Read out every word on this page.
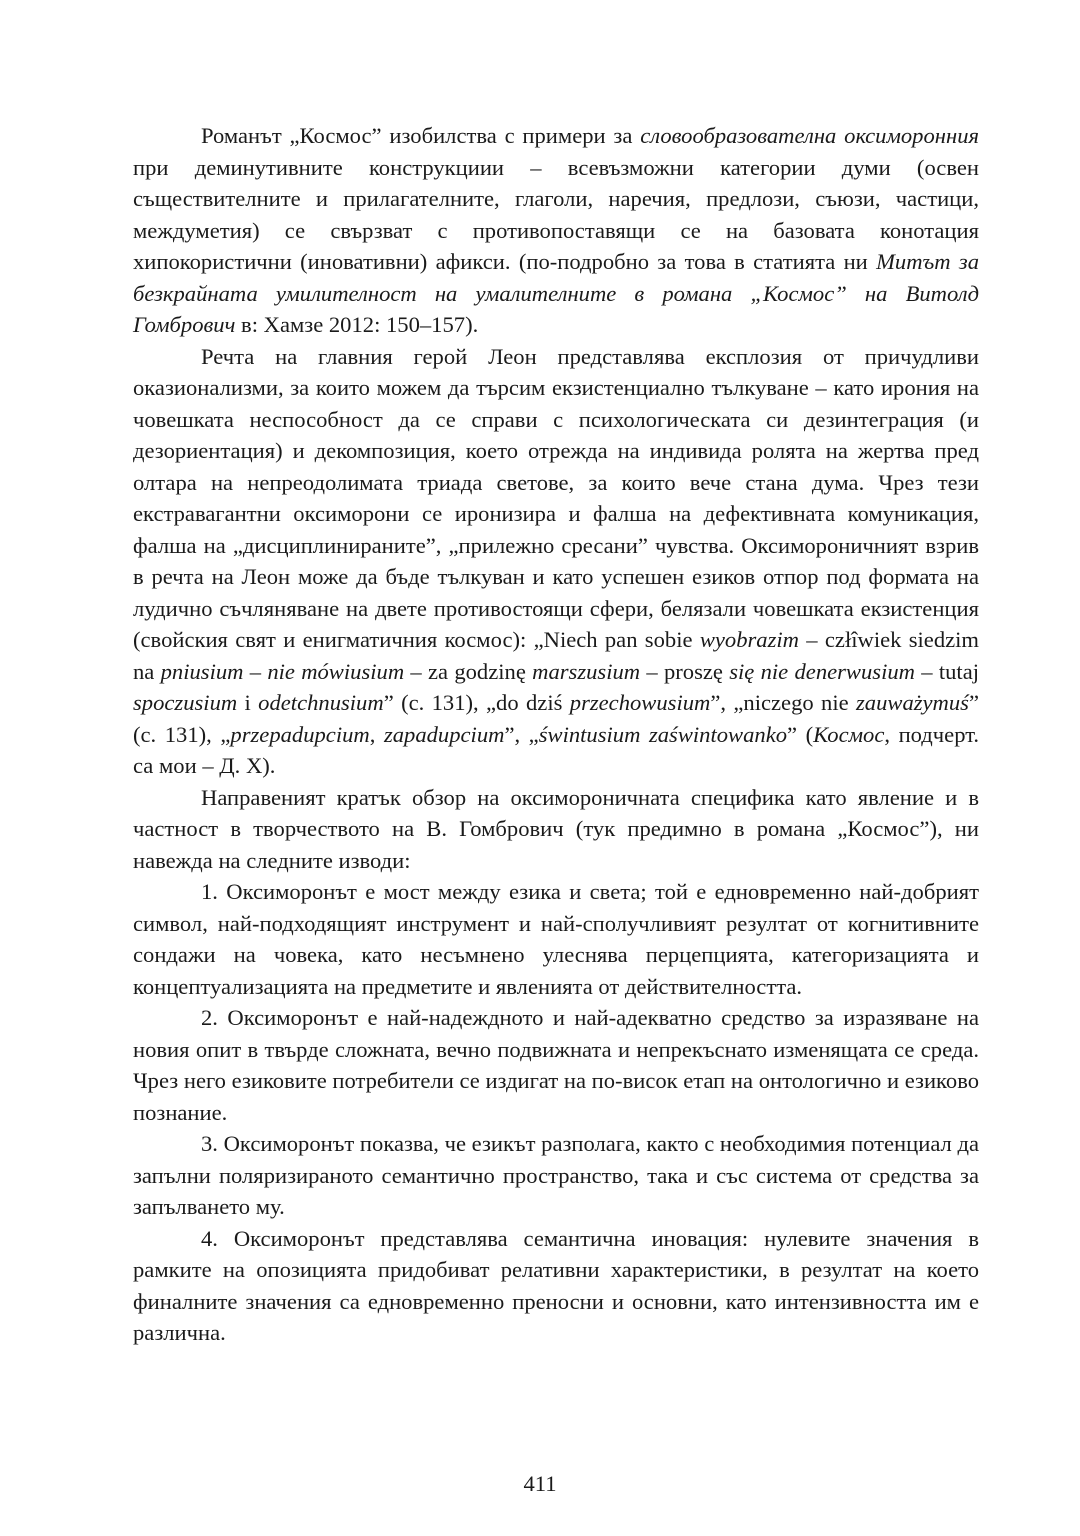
Романът „Космос” изобилства с примери за словообразователна оксиморонния при деминутивните конструкциии – всевъзможни категории думи (освен съществителните и прилагателните, глаголи, наречия, предлози, съюзи, частици, междуметия) се свързват с противопоставящи се на базовата конотация хипокористични (иновативни) афикси. (по-подробно за това в статията ни Митът за безкрайната умилителност на умалителните в романа „Космос” на Витолд Гомбрович в: Хамзе 2012: 150–157).

Речта на главния герой Леон представлява експлозия от причудливи оказионализми, за които можем да търсим екзистенциално тълкуване – като ирония на човешката неспособност да се справи с психологическата си дезинтеграция (и дезориентация) и декомпозиция, което отрежда на индивида ролята на жертва пред олтара на непреодолимата триада светове, за които вече стана дума. Чрез тези екстравагантни оксиморони се иронизира и фалша на дефективната комуникация, фалша на „дисциплинираните”, „прилежно сресани” чувства. Оксимороничният взрив в речта на Леон може да бъде тълкуван и като успешен езиков отпор под формата на лудично съчляняване на двете противостоящи сфери, белязали човешката екзистенция (свойския свят и енигматичния космос): „Niech pan sobie wyobrazim – człîwiek siedzim na pniusium – nie mówiusium – za godzinę marszusium – proszę się nie denerwusium – tutaj spoczusium i odetchnusium” (с. 131), „do dziś przechowusium”, „niczego nie zauważymuś” (с. 131), „przepadupcium, zapadupcium”, „świntusium zaświntowanko” (Космос, подчерт. са мои – Д. Х).

Направеният кратък обзор на оксимороничната специфика като явление и в частност в творчеството на В. Гомбрович (тук предимно в романа „Космос”), ни навежда на следните изводи:

1. Оксиморонът е мост между езика и света; той е едновременно най-добрият символ, най-подходящият инструмент и най-сполучливият резултат от когнитивните сондажи на човека, като несъмнено улеснява перцепцията, категоризацията и концептуализацията на предметите и явленията от действителността.

2. Оксиморонът е най-надеждното и най-адекватно средство за изразяване на новия опит в твърде сложната, вечно подвижната и непрекъснато изменящата се среда. Чрез него езиковите потребители се издигат на по-висок етап на онтологично и езиково познание.

3. Оксиморонът показва, че езикът разполага, както с необходимия потенциал да запълни поляризираното семантично пространство, така и със система от средства за запълването му.

4. Оксиморонът представлява семантична иновация: нулевите значения в рамките на опозицията придобиват релативни характеристики, в резултат на което финалните значения са едновременно преносни и основни, като интензивността им е различна.

411
